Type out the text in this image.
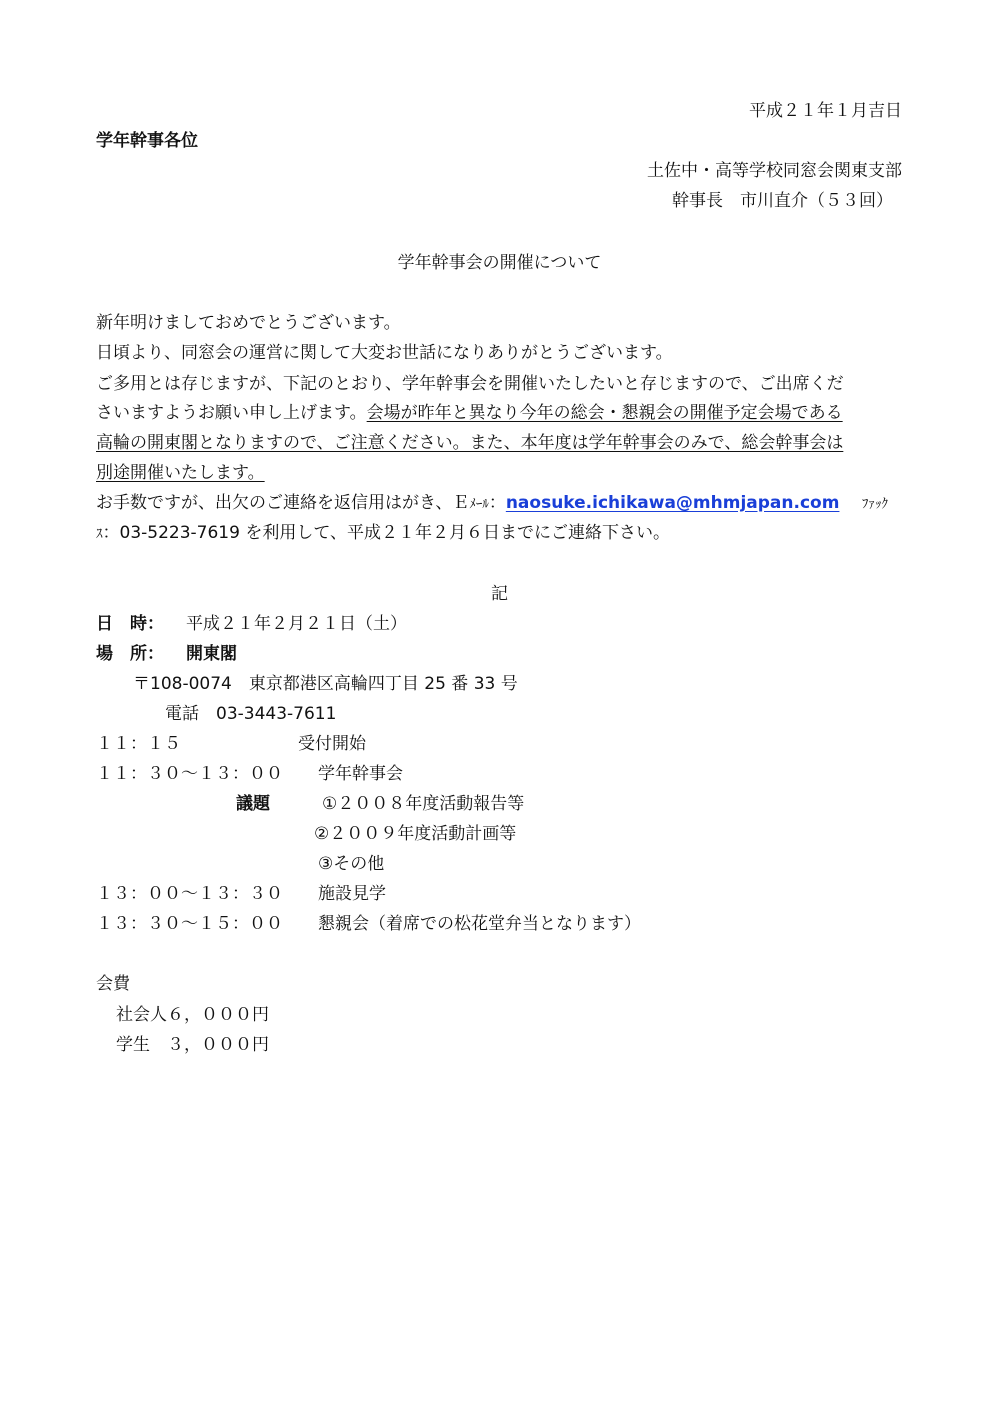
平成２１年１月吉日
学年幹事各位
土佐中・高等学校同窓会関東支部
幹事長　市川直介（５３回）
学年幹事会の開催について
新年明けましておめでとうございます。
日頃より、同窓会の運営に関して大変お世話になりありがとうございます。
ご多用とは存じますが、下記のとおり、学年幹事会を開催いたしたいと存じますので、ご出席くだ
さいますようお願い申し上げます。会場が昨年と異なり今年の総会・懇親会の開催予定会場である
高輪の開東閣となりますので、ご注意ください。また、本年度は学年幹事会のみで、総会幹事会は
別途開催いたします。
お手数ですが、出欠のご連絡を返信用はがき、Ｅﾒｰﾙ：naosuke.ichikawa@mhmjapan.com ﾌｧｯｸ
ｽ：03-5223-7619 を利用して、平成２１年２月６日までにご連絡下さい。
記
日　時： 平成２１年２月２１日（土）
場　所： 開東閣
〒108-0074　東京都港区高輪四丁目 25 番 33 号
電話　03-3443-7611
１１：１５	受付開始
１１：３０～１３：００ 学年幹事会
議題	①２００８年度活動報告等
②２００９年度活動計画等
③その他
１３：００～１３：３０ 施設見学
１３：３０～１５：００ 懇親会（着席での松花堂弁当となります）
会費
社会人６，０００円
学生　３，０００円
